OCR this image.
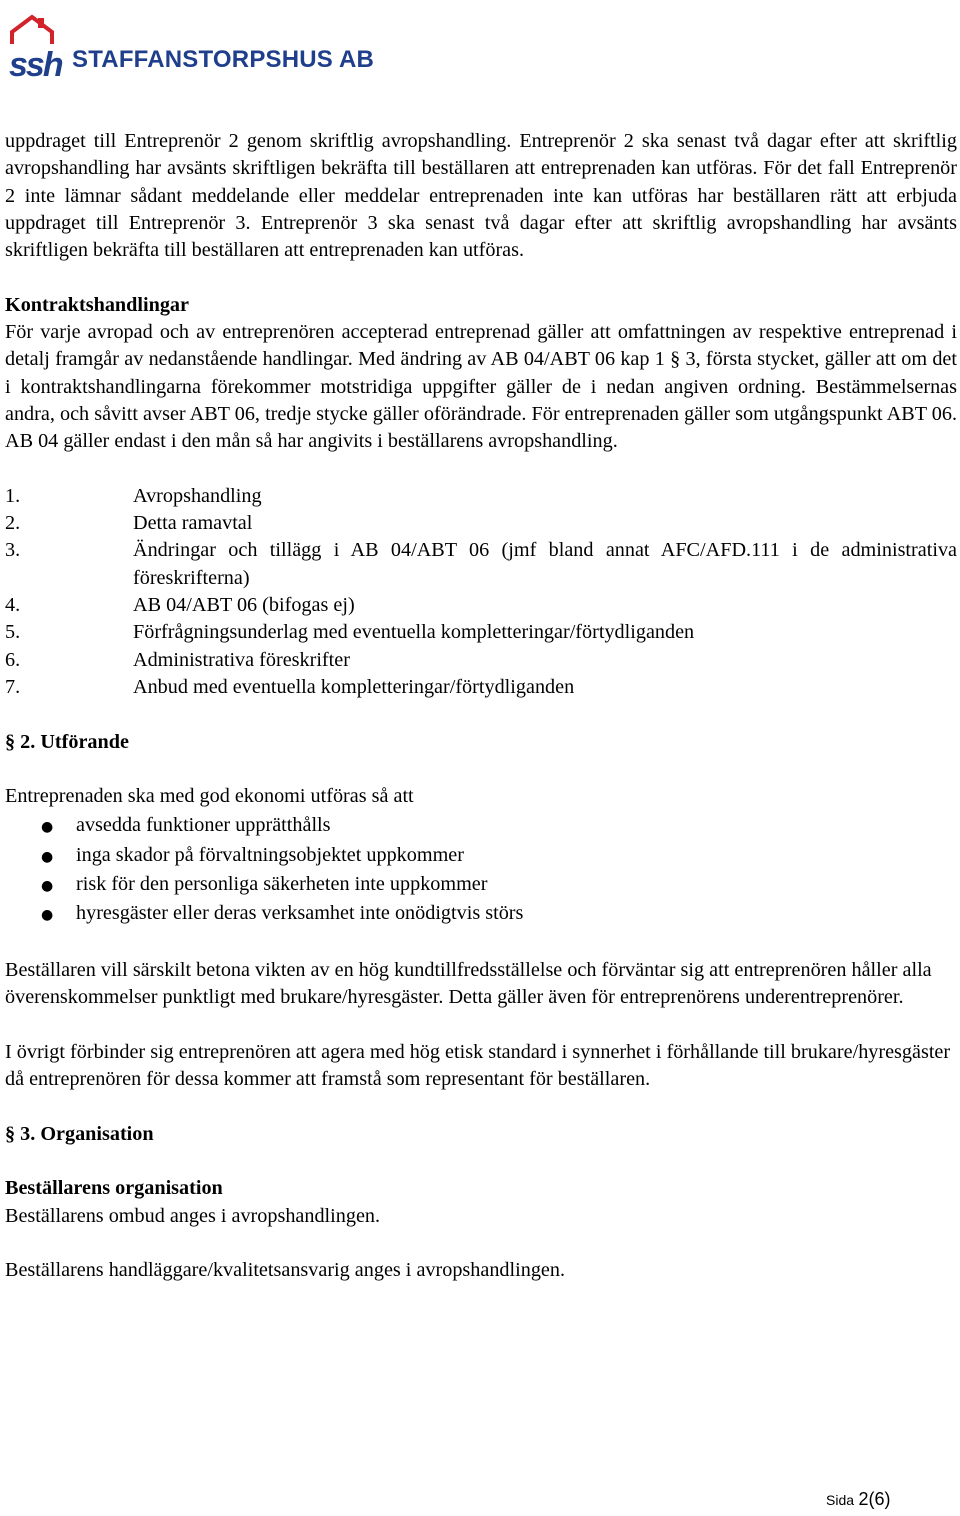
ssh STAFFANSTORPSHUS AB

uppdraget till Entreprenör 2 genom skriftlig avropshandling. Entreprenör 2 ska senast två dagar efter att skriftlig avropshandling har avsänts skriftligen bekräfta till beställaren att entreprenaden kan utföras. För det fall Entreprenör 2 inte lämnar sådant meddelande eller meddelar entreprenaden inte kan utföras har beställaren rätt att erbjuda uppdraget till Entreprenör 3. Entreprenör 3 ska senast två dagar efter att skriftlig avropshandling har avsänts skriftligen bekräfta till beställaren att entreprenaden kan utföras.

Kontraktshandlingar

För varje avropad och av entreprenören accepterad entreprenad gäller att omfattningen av respektive entreprenad i detalj framgår av nedanstående handlingar. Med ändring av AB 04/ABT 06 kap 1 § 3, första stycket, gäller att om det i kontraktshandlingarna förekommer motstridiga uppgifter gäller de i nedan angiven ordning. Bestämmelsernas andra, och såvitt avser ABT 06, tredje stycke gäller oförändrade. För entreprenaden gäller som utgångspunkt ABT 06. AB 04 gäller endast i den mån så har angivits i beställarens avropshandling.

1.	Avropshandling
2.	Detta ramavtal
3.	Ändringar och tillägg i AB 04/ABT 06 (jmf bland annat AFC/AFD.111 i de administrativa föreskrifterna)
4.	AB 04/ABT 06 (bifogas ej)
5.	Förfrågningsunderlag med eventuella kompletteringar/förtydliganden
6.	Administrativa föreskrifter
7.	Anbud med eventuella kompletteringar/förtydliganden

§ 2. Utförande

Entreprenaden ska med god ekonomi utföras så att

●	avsedda funktioner upprätthålls
●	inga skador på förvaltningsobjektet uppkommer
●	risk för den personliga säkerheten inte uppkommer
●	hyresgäster eller deras verksamhet inte onödigtvis störs

Beställaren vill särskilt betona vikten av en hög kundtillfredsställelse och förväntar sig att entreprenören håller alla överenskommelser punktligt med brukare/hyresgäster. Detta gäller även för entreprenörens underentreprenörer.

I övrigt förbinder sig entreprenören att agera med hög etisk standard i synnerhet i förhållande till brukare/hyresgäster då entreprenören för dessa kommer att framstå som representant för beställaren.

§ 3. Organisation

Beställarens organisation

Beställarens ombud anges i avropshandlingen.

Beställarens handläggare/kvalitetsansvarig anges i avropshandlingen.

Sida 2(6)
